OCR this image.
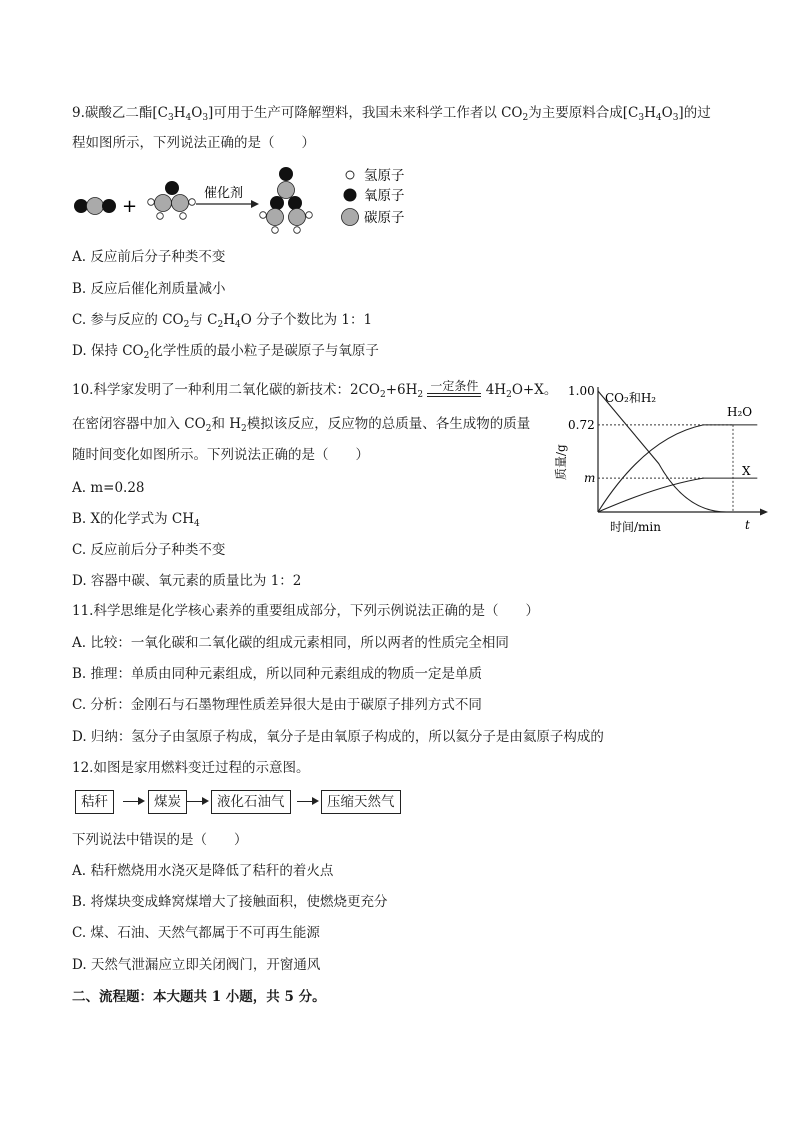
9.碳酸乙二酯$[C_3H_4O_3]$可用于生产可降解塑料，我国未来科学工作者以 $CO_2$为主要原料合成$[C_3H_4O_3]$的过
程如图所示，下列说法正确的是（　　）
+
催化剂
氢原子
氧原子
碳原子
A. 反应前后分子种类不变
B. 反应后催化剂质量减小
C. 参与反应的 $CO_2$与 $C_2H_4O$ 分子个数比为 1：1
D. 保持 $CO_2$化学性质的最小粒子是碳原子与氧原子
10.科学家发明了一种利用二氧化碳的新技术：$2CO_2+6H_2$ 一定条件 $4H_2O+X$。
在密闭容器中加入 $CO_2$和 $H_2$模拟该反应，反应物的总质量、各生成物的质量
随时间变化如图所示。下列说法正确的是（　　）
A. m=0.28
B. X的化学式为 $CH_4$
C. 反应前后分子种类不变
D. 容器中碳、氧元素的质量比为 1：2
1.00
0.72
m
t
时间/min
质量/g
CO₂和H₂
H₂O
X
11.科学思维是化学核心素养的重要组成部分，下列示例说法正确的是（　　）
A. 比较：一氧化碳和二氧化碳的组成元素相同，所以两者的性质完全相同
B. 推理：单质由同种元素组成，所以同种元素组成的物质一定是单质
C. 分析：金刚石与石墨物理性质差异很大是由于碳原子排列方式不同
D. 归纳：氢分子由氢原子构成，氧分子是由氧原子构成的，所以氦分子是由氦原子构成的
12.如图是家用燃料变迁过程的示意图。
秸秆	煤炭	液化石油气	压缩天然气
下列说法中错误的是（　　）
A. 秸秆燃烧用水浇灭是降低了秸秆的着火点
B. 将煤块变成蜂窝煤增大了接触面积，使燃烧更充分
C. 煤、石油、天然气都属于不可再生能源
D. 天然气泄漏应立即关闭阀门，开窗通风
二、流程题：本大题共 1 小题，共 5 分。
